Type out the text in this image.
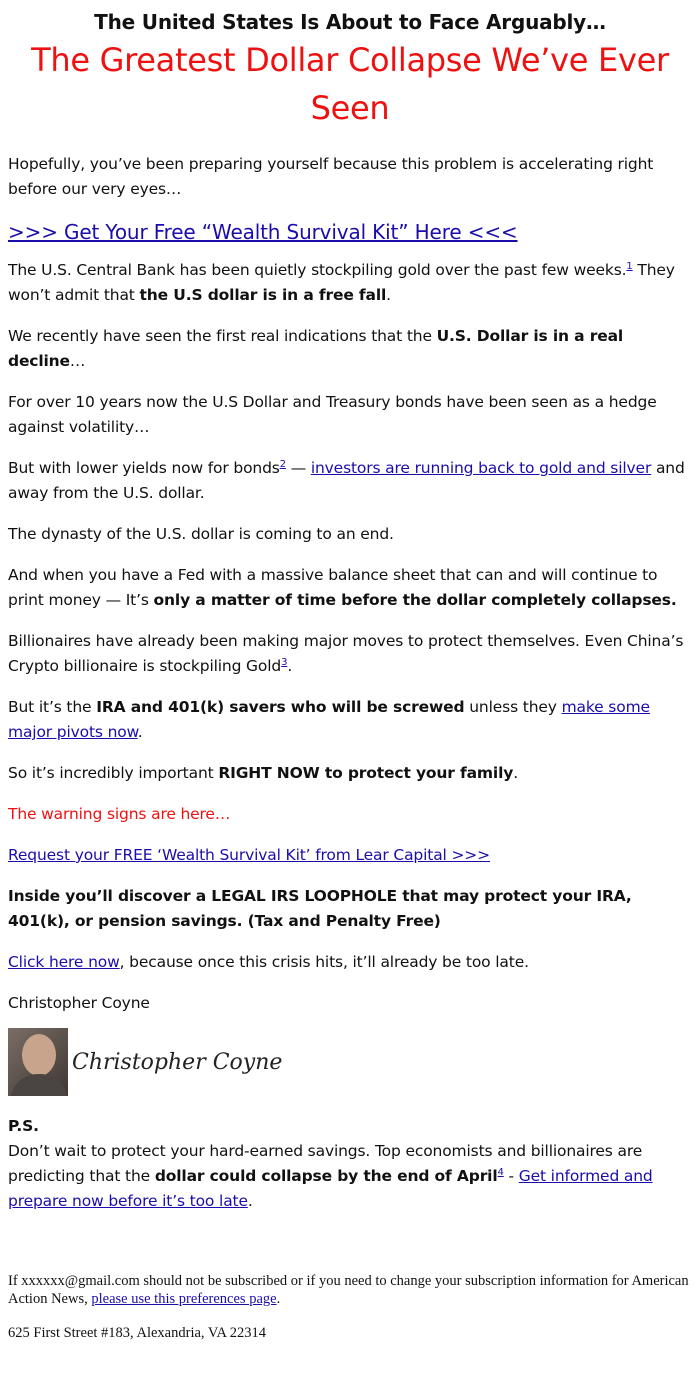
The United States Is About to Face Arguably…
The Greatest Dollar Collapse We’ve Ever Seen

Hopefully, you’ve been preparing yourself because this problem is accelerating right before our very eyes…

>>> Get Your Free “Wealth Survival Kit” Here <<<

The U.S. Central Bank has been quietly stockpiling gold over the past few weeks.$^1$ They won’t admit that the U.S dollar is in a free fall.

We recently have seen the first real indications that the U.S. Dollar is in a real decline…

For over 10 years now the U.S Dollar and Treasury bonds have been seen as a hedge against volatility…

But with lower yields now for bonds$^2$ — investors are running back to gold and silver and away from the U.S. dollar.

The dynasty of the U.S. dollar is coming to an end.

And when you have a Fed with a massive balance sheet that can and will continue to print money — It’s only a matter of time before the dollar completely collapses.

Billionaires have already been making major moves to protect themselves. Even China’s Crypto billionaire is stockpiling Gold$^3$.

But it’s the IRA and 401(k) savers who will be screwed unless they make some major pivots now.

So it’s incredibly important RIGHT NOW to protect your family.

The warning signs are here…

Request your FREE ‘Wealth Survival Kit’ from Lear Capital >>>

Inside you’ll discover a LEGAL IRS LOOPHOLE that may protect your IRA, 401(k), or pension savings. (Tax and Penalty Free)

Click here now, because once this crisis hits, it’ll already be too late.

Christopher Coyne

Christopher Coyne

P.S.
Don’t wait to protect your hard-earned savings. Top economists and billionaires are predicting that the dollar could collapse by the end of April$^4$ - Get informed and prepare now before it’s too late.

If xxxxxx@gmail.com should not be subscribed or if you need to change your subscription information for American Action News, please use this preferences page.

625 First Street #183, Alexandria, VA 22314
